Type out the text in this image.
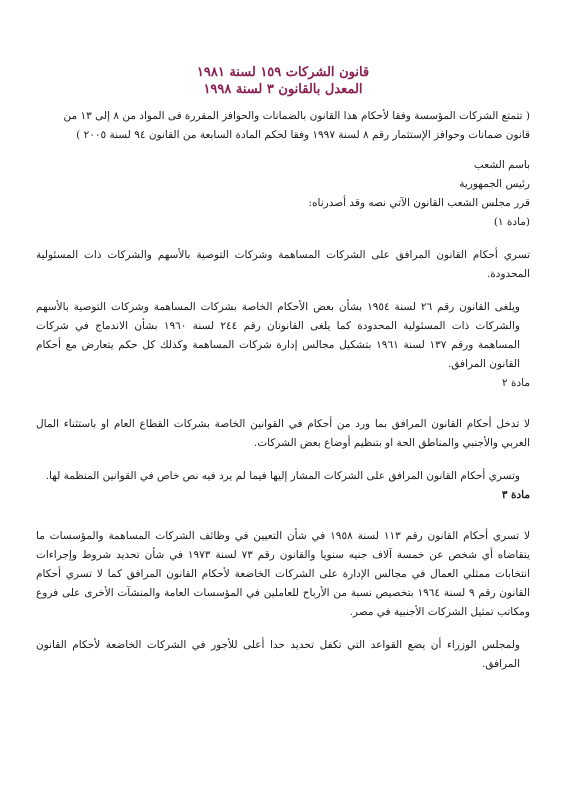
قانون الشركات ١٥٩ لسنة ١٩٨١
المعدل بالقانون ٣ لسنة ١٩٩٨

( تتمتع الشركات المؤسسة وفقا لأحكام هذا القانون بالضمانات والحوافز المقررة فى المواد من ٨ إلى ١٣ من قانون ضمانات وحوافز الإستثمار رقم ٨ لسنة ١٩٩٧ وفقا لحكم المادة السابعة من القانون ٩٤ لسنة ٢٠٠٥ )

باسم الشعب

رئيس الجمهورية

قرر مجلس الشعب القانون الآتي نصه وقد أصدرناه:

(مادة ١)

تسري أحكام القانون المرافق على الشركات المساهمة وشركات التوصية بالأسهم والشركات ذات المسئولية المحدودة.

ويلغى القانون رقم ٢٦ لسنة ١٩٥٤ بشأن بعض الأحكام الخاصة بشركات المساهمة وشركات التوصية بالأسهم والشركات ذات المسئولية المحدودة كما يلغى القانونان رقم ٢٤٤ لسنة ١٩٦٠ بشأن الاندماج في شركات المساهمة ورقم ١٣٧ لسنة ١٩٦١ بتشكيل مجالس إدارة شركات المساهمة وكذلك كل حكم يتعارض مع أحكام القانون المرافق.

مادة ٢

لا تدخل أحكام القانون المرافق بما ورد من أحكام في القوانين الخاصة بشركات القطاع العام او باستثناء المال العربي والأجنبي والمناطق الحة او بتنظيم أوضاع بعض الشركات.

وتسري أحكام القانون المرافق على الشركات المشار إليها فيما لم يرد فيه نص خاص في القوانين المنظمة لها.

مادة ٣

لا تسري أحكام القانون رقم ١١٣ لسنة ١٩٥٨ في شأن التعيين في وظائف الشركات المساهمة والمؤسسات ما يتقاضاه أي شخص عن خمسة آلاف جنيه سنويا والقانون رقم ٧٣ لسنة ١٩٧٣ في شأن تحديد شروط وإجراءات انتخابات ممثلي العمال في مجالس الإدارة على الشركات الخاضعة لأحكام القانون المرافق كما لا تسري أحكام القانون رقم ٩ لسنة ١٩٦٤ بتخصيص نسبة من الأرباح للعاملين في المؤسسات العامة والمنشآت الأخرى على فروع ومكاتب تمثيل الشركات الأجنبية في مصر.

ولمجلس الوزراء أن يضع القواعد التي تكفل تحديد حدا أعلى للأجور في الشركات الخاضعة لأحكام القانون المرافق.
